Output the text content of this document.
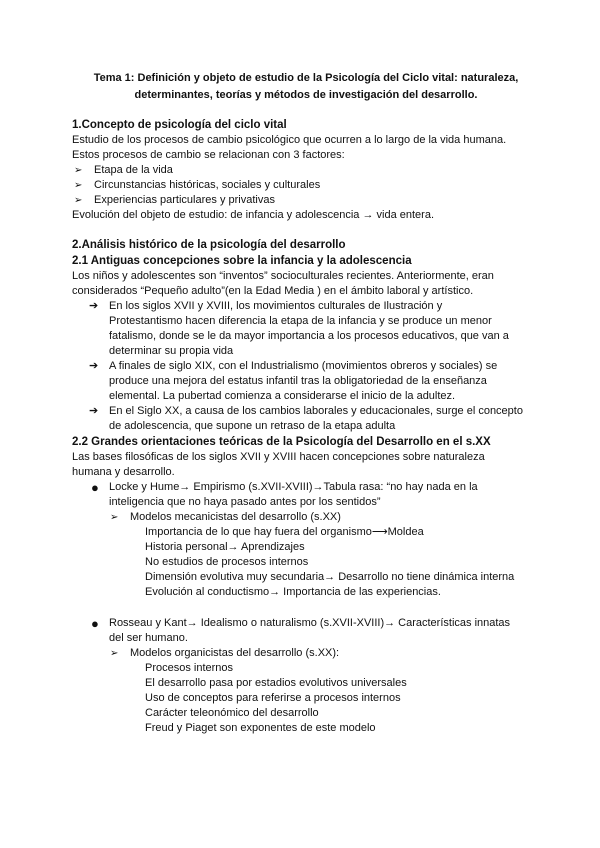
Tema 1: Definición y objeto de estudio de la Psicología del Ciclo vital: naturaleza,
determinantes, teorías y métodos de investigación del desarrollo.
1.Concepto de psicología del ciclo vital

Estudio de los procesos de cambio psicológico que ocurren a lo largo de la vida humana.

Estos procesos de cambio se relacionan con 3 factores:

➢ Etapa de la vida
➢ Circunstancias históricas, sociales y culturales
➢ Experiencias particulares y privativas

Evolución del objeto de estudio: de infancia y adolescencia → vida entera.

2.Análisis histórico de la psicología del desarrollo
2.1 Antiguas concepciones sobre la infancia y la adolescencia

Los niños y adolescentes son “inventos” socioculturales recientes. Anteriormente, eran

considerados “Pequeño adulto”(en la Edad Media ) en el ámbito laboral y artístico.

➔ En los siglos XVII y XVIII, los movimientos culturales de Ilustración y
Protestantismo hacen diferencia la etapa de la infancia y se produce un menor
fatalismo, donde se le da mayor importancia a los procesos educativos, que van a
determinar su propia vida
➔ A finales de siglo XIX, con el Industrialismo (movimientos obreros y sociales) se
produce una mejora del estatus infantil tras la obligatoriedad de la enseñanza
elemental. La pubertad comienza a considerarse el inicio de la adultez.
➔ En el Siglo XX, a causa de los cambios laborales y educacionales, surge el concepto
de adolescencia, que supone un retraso de la etapa adulta
2.2 Grandes orientaciones teóricas de la Psicología del Desarrollo en el s.XX

Las bases filosóficas de los siglos XVII y XVIII hacen concepciones sobre naturaleza

humana y desarrollo.

● Locke y Hume→ Empirismo (s.XVII-XVIII)→Tabula rasa: “no hay nada en la
inteligencia que no haya pasado antes por los sentidos”
➢ Modelos mecanicistas del desarrollo (s.XX)
Importancia de lo que hay fuera del organismo⟶Moldea
Historia personal→ Aprendizajes
No estudios de procesos internos
Dimensión evolutiva muy secundaria→ Desarrollo no tiene dinámica interna
Evolución al conductismo→ Importancia de las experiencias.
● Rosseau y Kant→ Idealismo o naturalismo (s.XVII-XVIII)→ Características innatas
del ser humano.
➢ Modelos organicistas del desarrollo (s.XX):
Procesos internos
El desarrollo pasa por estadios evolutivos universales
Uso de conceptos para referirse a procesos internos
Carácter teleonómico del desarrollo
Freud y Piaget son exponentes de este modelo
